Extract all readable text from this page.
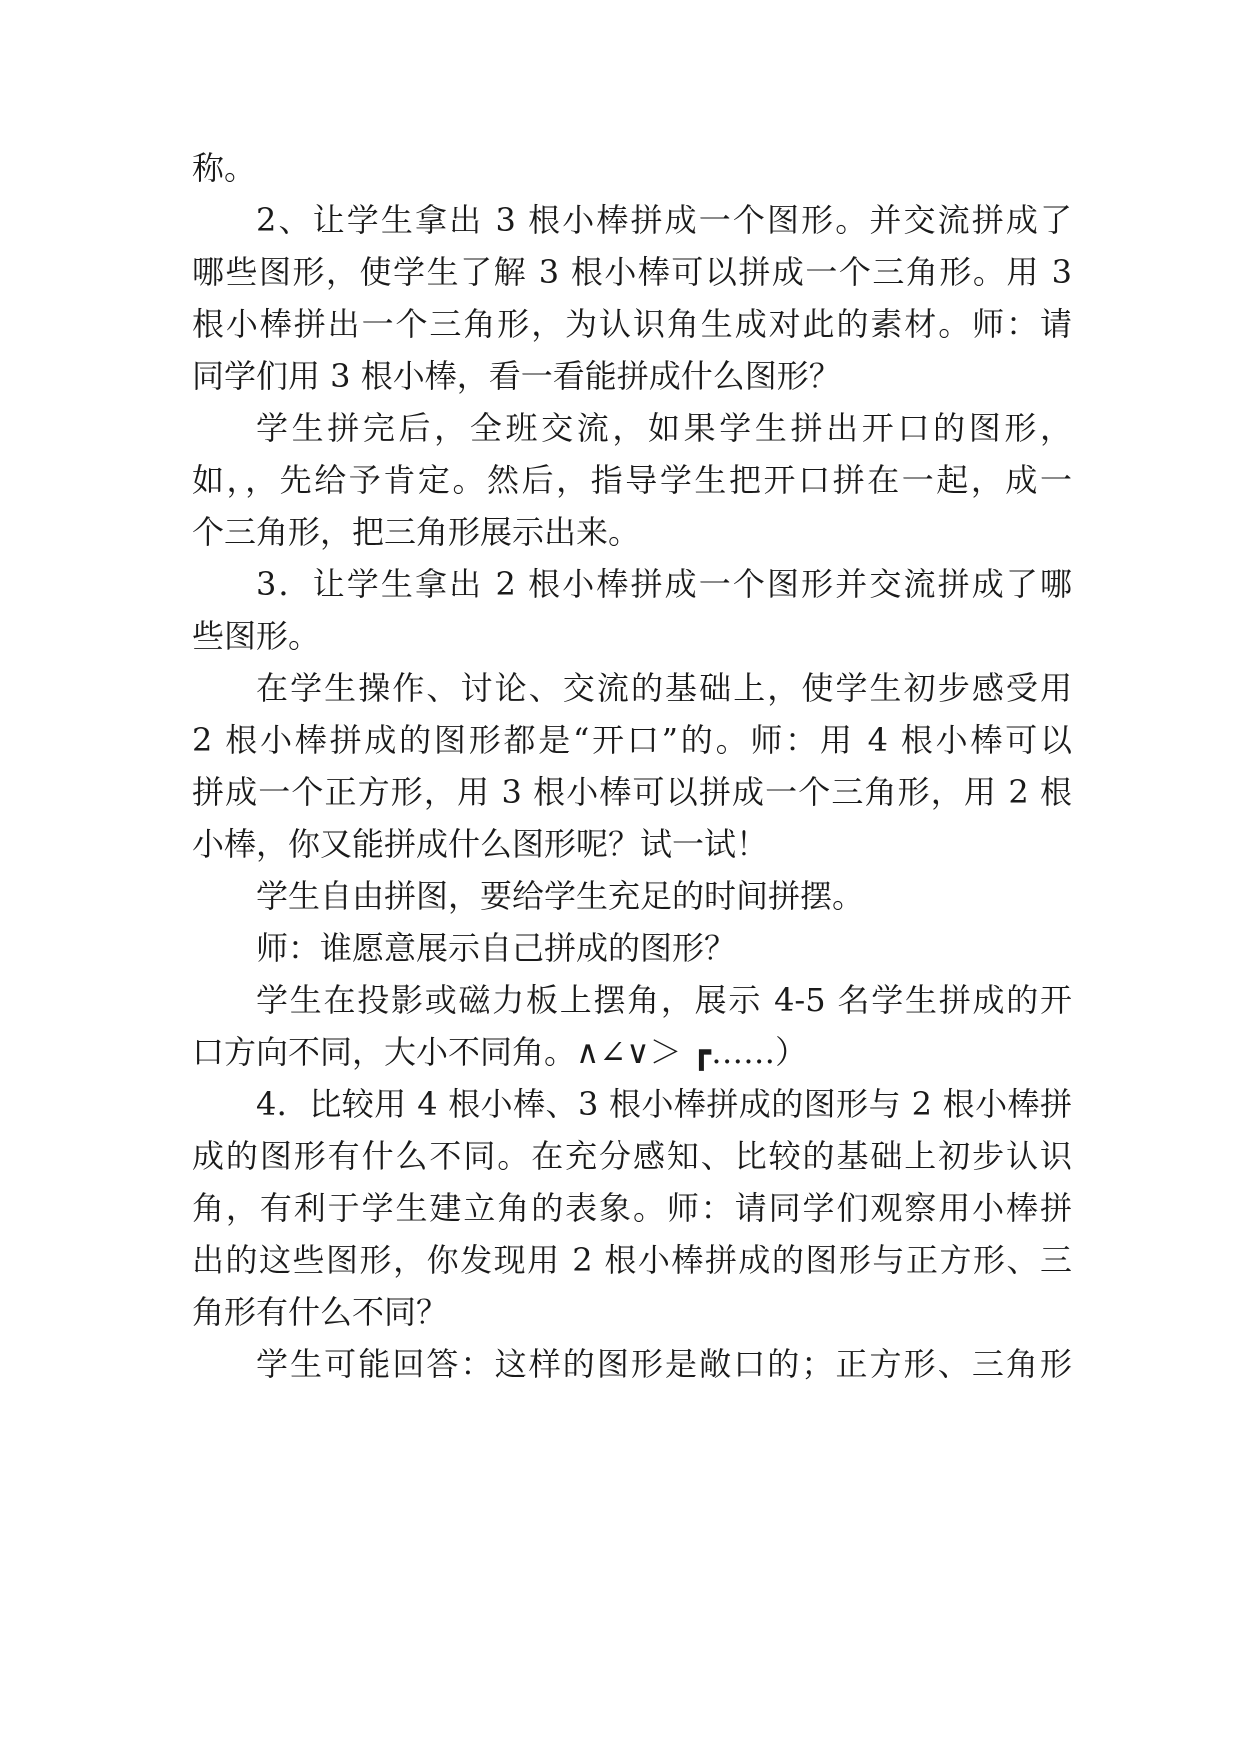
称。
2、让学生拿出 3 根小棒拼成一个图形。并交流拼成了
哪些图形，使学生了解 3 根小棒可以拼成一个三角形。用 3
根小棒拼出一个三角形，为认识角生成对此的素材。师：请
同学们用 3 根小棒，看一看能拼成什么图形？
学生拼完后，全班交流，如果学生拼出开口的图形，
如，，先给予肯定。然后，指导学生把开口拼在一起，成一
个三角形，把三角形展示出来。
3．让学生拿出 2 根小棒拼成一个图形并交流拼成了哪
些图形。
在学生操作、讨论、交流的基础上，使学生初步感受用
2 根小棒拼成的图形都是“开口”的。师：用 4 根小棒可以
拼成一个正方形，用 3 根小棒可以拼成一个三角形，用 2 根
小棒，你又能拼成什么图形呢？试一试！
学生自由拼图，要给学生充足的时间拼摆。
师：谁愿意展示自己拼成的图形？
学生在投影或磁力板上摆角，展示 4-5 名学生拼成的开
口方向不同，大小不同角。∧∠∨＞ ┏……）
4．比较用 4 根小棒、3 根小棒拼成的图形与 2 根小棒拼
成的图形有什么不同。在充分感知、比较的基础上初步认识
角，有利于学生建立角的表象。师：请同学们观察用小棒拼
出的这些图形，你发现用 2 根小棒拼成的图形与正方形、三
角形有什么不同？
学生可能回答：这样的图形是敞口的；正方形、三角形
